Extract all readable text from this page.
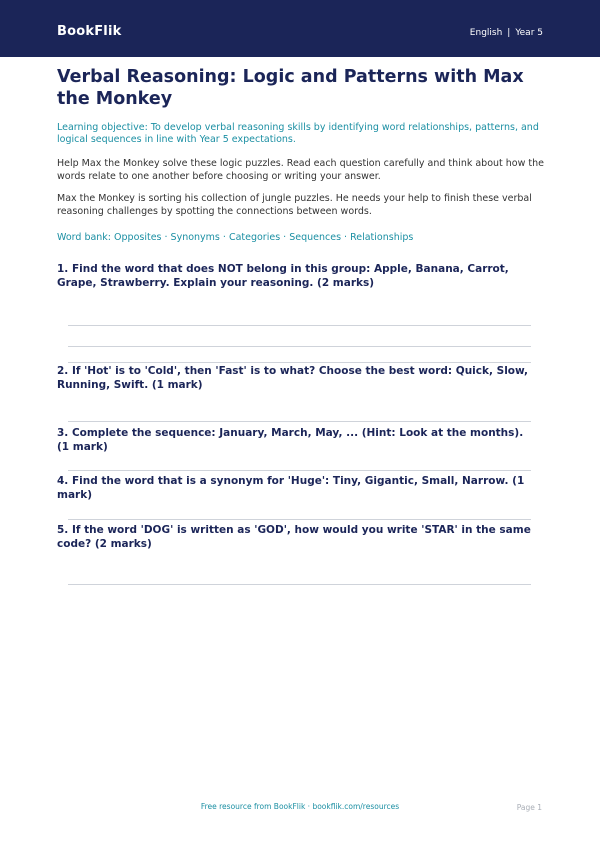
BookFlik	English | Year 5
Verbal Reasoning: Logic and Patterns with Max the Monkey
Learning objective: To develop verbal reasoning skills by identifying word relationships, patterns, and logical sequences in line with Year 5 expectations.
Help Max the Monkey solve these logic puzzles. Read each question carefully and think about how the words relate to one another before choosing or writing your answer.
Max the Monkey is sorting his collection of jungle puzzles. He needs your help to finish these verbal reasoning challenges by spotting the connections between words.
Word bank: Opposites · Synonyms · Categories · Sequences · Relationships
1. Find the word that does NOT belong in this group: Apple, Banana, Carrot, Grape, Strawberry. Explain your reasoning. (2 marks)
2. If 'Hot' is to 'Cold', then 'Fast' is to what? Choose the best word: Quick, Slow, Running, Swift. (1 mark)
3. Complete the sequence: January, March, May, ... (Hint: Look at the months). (1 mark)
4. Find the word that is a synonym for 'Huge': Tiny, Gigantic, Small, Narrow. (1 mark)
5. If the word 'DOG' is written as 'GOD', how would you write 'STAR' in the same code? (2 marks)
Free resource from BookFlik · bookflik.com/resources	Page 1
